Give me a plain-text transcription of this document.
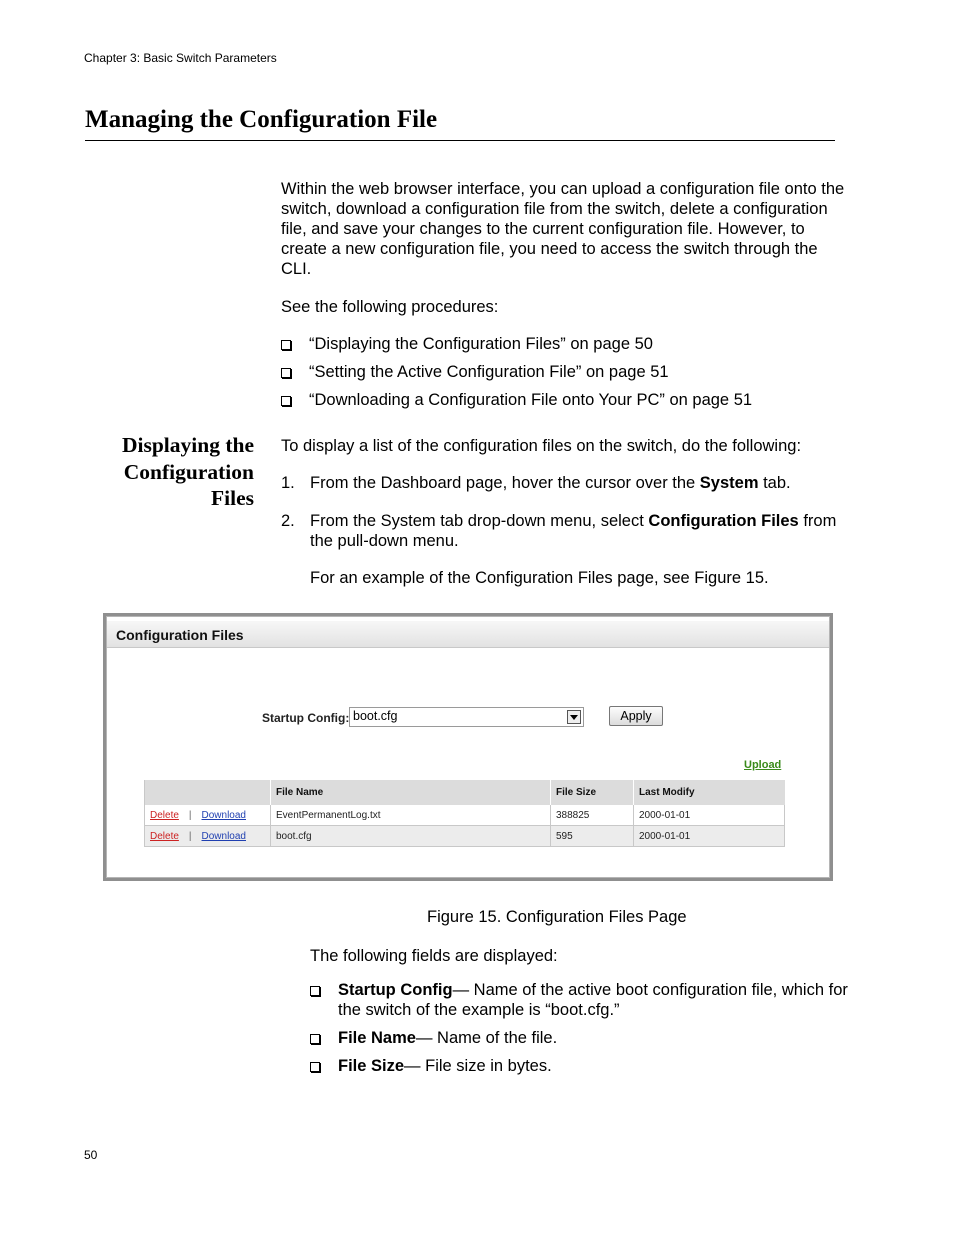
Chapter 3: Basic Switch Parameters
Managing the Configuration File
Within the web browser interface, you can upload a configuration file onto the switch, download a configuration file from the switch, delete a configuration file, and save your changes to the current configuration file. However, to create a new configuration file, you need to access the switch through the CLI.
See the following procedures:
“Displaying the Configuration Files” on page 50
“Setting the Active Configuration File” on page 51
“Downloading a Configuration File onto Your PC” on page 51
Displaying the
Configuration
Files
To display a list of the configuration files on the switch, do the following:
1. From the Dashboard page, hover the cursor over the System tab.
2. From the System tab drop-down menu, select Configuration Files from the pull-down menu.
For an example of the Configuration Files page, see Figure 15.
Configuration Files
Startup Config: boot.cfg	Apply
Upload
	File Name	File Size	Last Modify
Delete | Download	EventPermanentLog.txt	388825	2000-01-01
Delete | Download	boot.cfg	595	2000-01-01
Figure 15. Configuration Files Page
The following fields are displayed:
Startup Config— Name of the active boot configuration file, which for the switch of the example is “boot.cfg.”
File Name— Name of the file.
File Size— File size in bytes.
50
